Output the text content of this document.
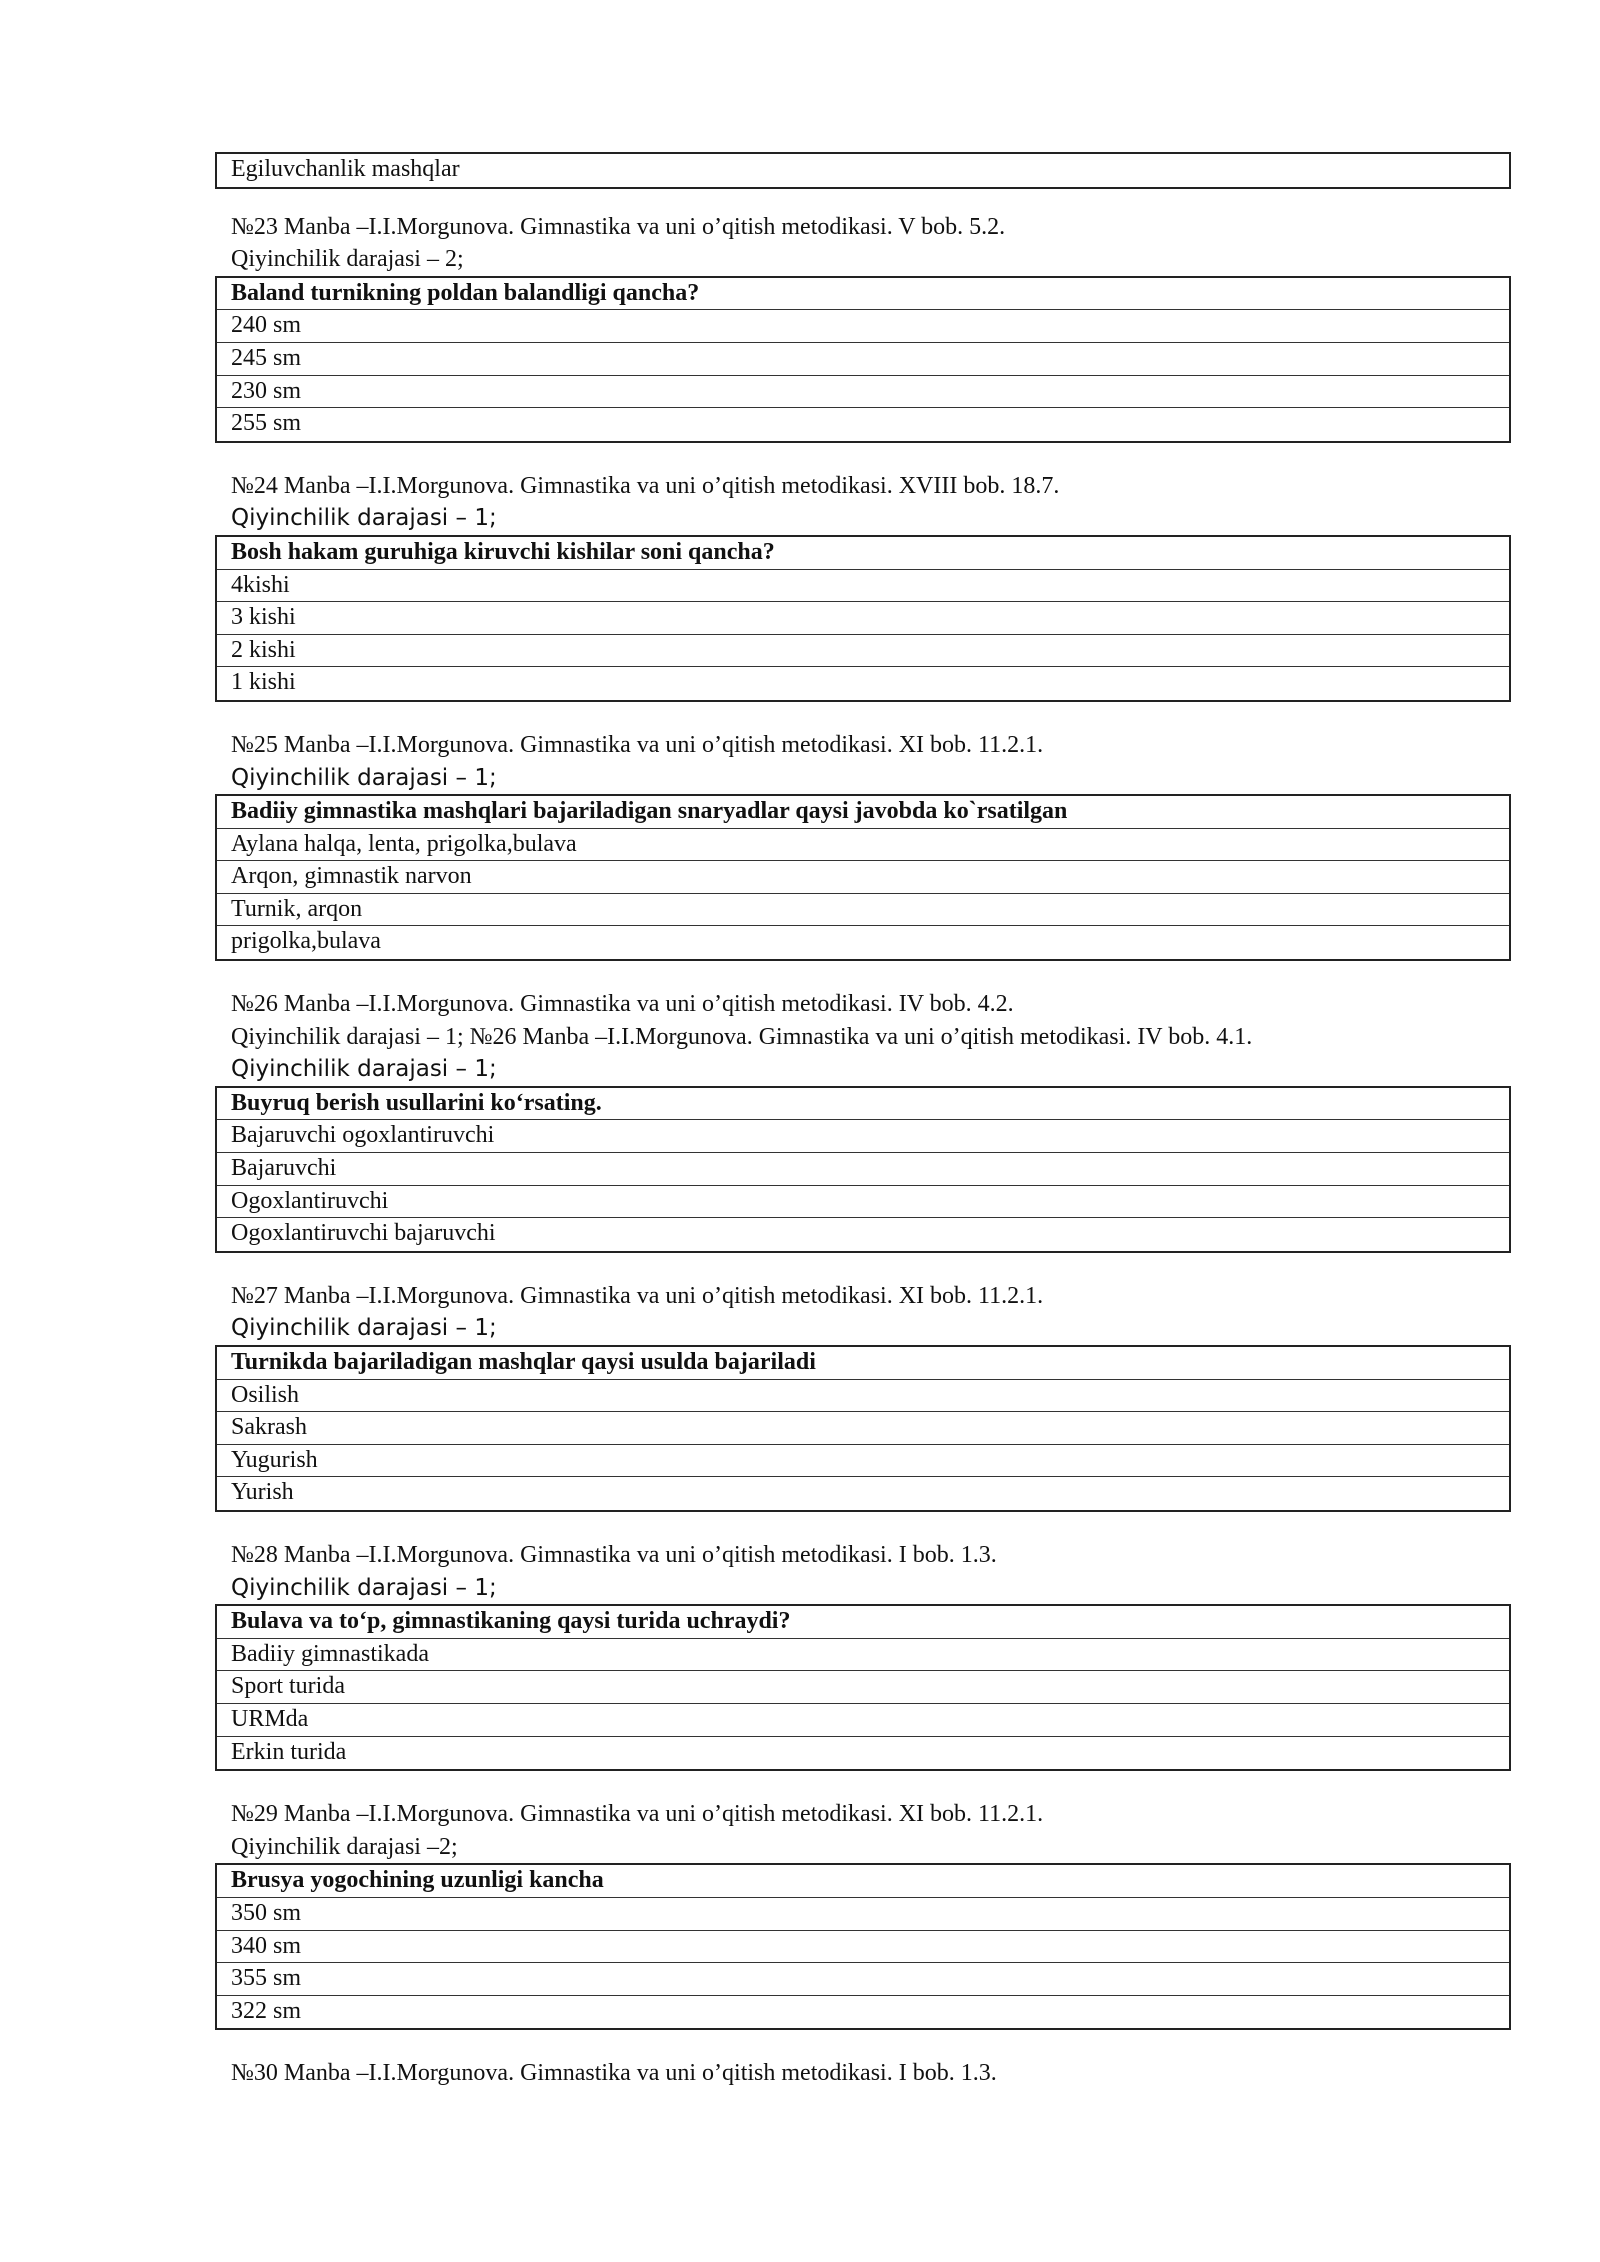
Egiluvchanlik mashqlar
№23 Manba –I.I.Morgunova. Gimnastika va uni o’qitish metodikasi. V bob. 5.2.
Qiyinchilik darajasi – 2;
Baland turnikning poldan balandligi qancha?
240 sm
245 sm
230 sm
255 sm
№24 Manba –I.I.Morgunova. Gimnastika va uni o’qitish metodikasi. XVIII bob. 18.7.
Qiyinchilik darajasi – 1;
Bosh hakam guruhiga kiruvchi kishilar soni qancha?
4kishi
3 kishi
2 kishi
1 kishi
№25 Manba –I.I.Morgunova. Gimnastika va uni o’qitish metodikasi. XI bob. 11.2.1.
Qiyinchilik darajasi – 1;
Badiiy gimnastika mashqlari bajariladigan snaryadlar qaysi javobda ko`rsatilgan
Aylana halqa, lenta, prigolka,bulava
Arqon, gimnastik narvon
Turnik, arqon
prigolka,bulava
№26 Manba –I.I.Morgunova. Gimnastika va uni o’qitish metodikasi. IV bob. 4.2.
Qiyinchilik darajasi – 1; №26 Manba –I.I.Morgunova. Gimnastika va uni o’qitish metodikasi. IV bob. 4.1.
Qiyinchilik darajasi – 1;
Buyruq berish usullarini ko‘rsating.
Bajaruvchi ogoxlantiruvchi
Bajaruvchi
Ogoxlantiruvchi
Ogoxlantiruvchi bajaruvchi
№27 Manba –I.I.Morgunova. Gimnastika va uni o’qitish metodikasi. XI bob. 11.2.1.
Qiyinchilik darajasi – 1;
Turnikda bajariladigan mashqlar qaysi usulda bajariladi
Osilish
Sakrash
Yugurish
Yurish
№28 Manba –I.I.Morgunova. Gimnastika va uni o’qitish metodikasi. I bob. 1.3.
Qiyinchilik darajasi – 1;
Bulava va to‘p, gimnastikaning qaysi turida uchraydi?
Badiiy gimnastikada
Sport turida
URMda
Erkin turida
№29 Manba –I.I.Morgunova. Gimnastika va uni o’qitish metodikasi. XI bob. 11.2.1.
Qiyinchilik darajasi –2;
Brusya yogochining uzunligi kancha
350 sm
340 sm
355 sm
322 sm
№30 Manba –I.I.Morgunova. Gimnastika va uni o’qitish metodikasi. I bob. 1.3.
